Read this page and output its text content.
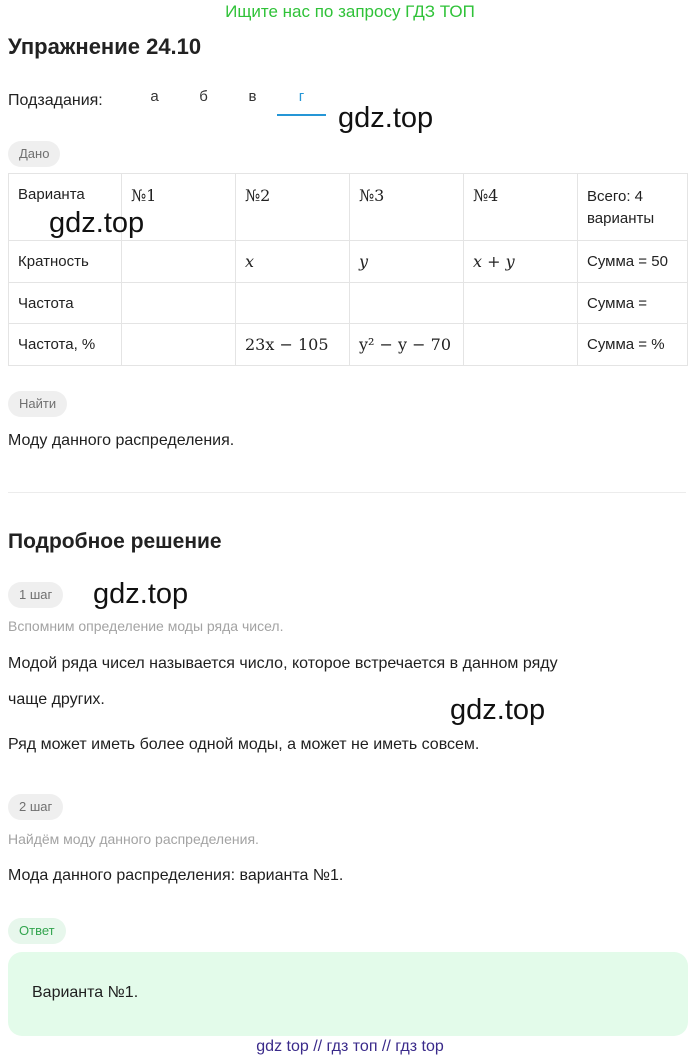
Ищите нас по запросу ГДЗ ТОП
Упражнение 24.10
Подзадания:	а	б	в	г
gdz.top
Дано
Варианта	№1	№2	№3	№4	Всего: 4 варианты
Кратность		x	y	x + y	Сумма = 50
Частота					Сумма =
Частота, %		23x − 105	y² − y − 70		Сумма = %
gdz.top
Найти
Моду данного распределения.
Подробное решение
1 шаг	gdz.top
Вспомним определение моды ряда чисел.
Модой ряда чисел называется число, которое встречается в данном ряду
чаще других.	gdz.top
Ряд может иметь более одной моды, а может не иметь совсем.
2 шаг
Найдём моду данного распределения.
Мода данного распределения: варианта №1.
Ответ
Варианта №1.
gdz top // гдз топ // гдз top
